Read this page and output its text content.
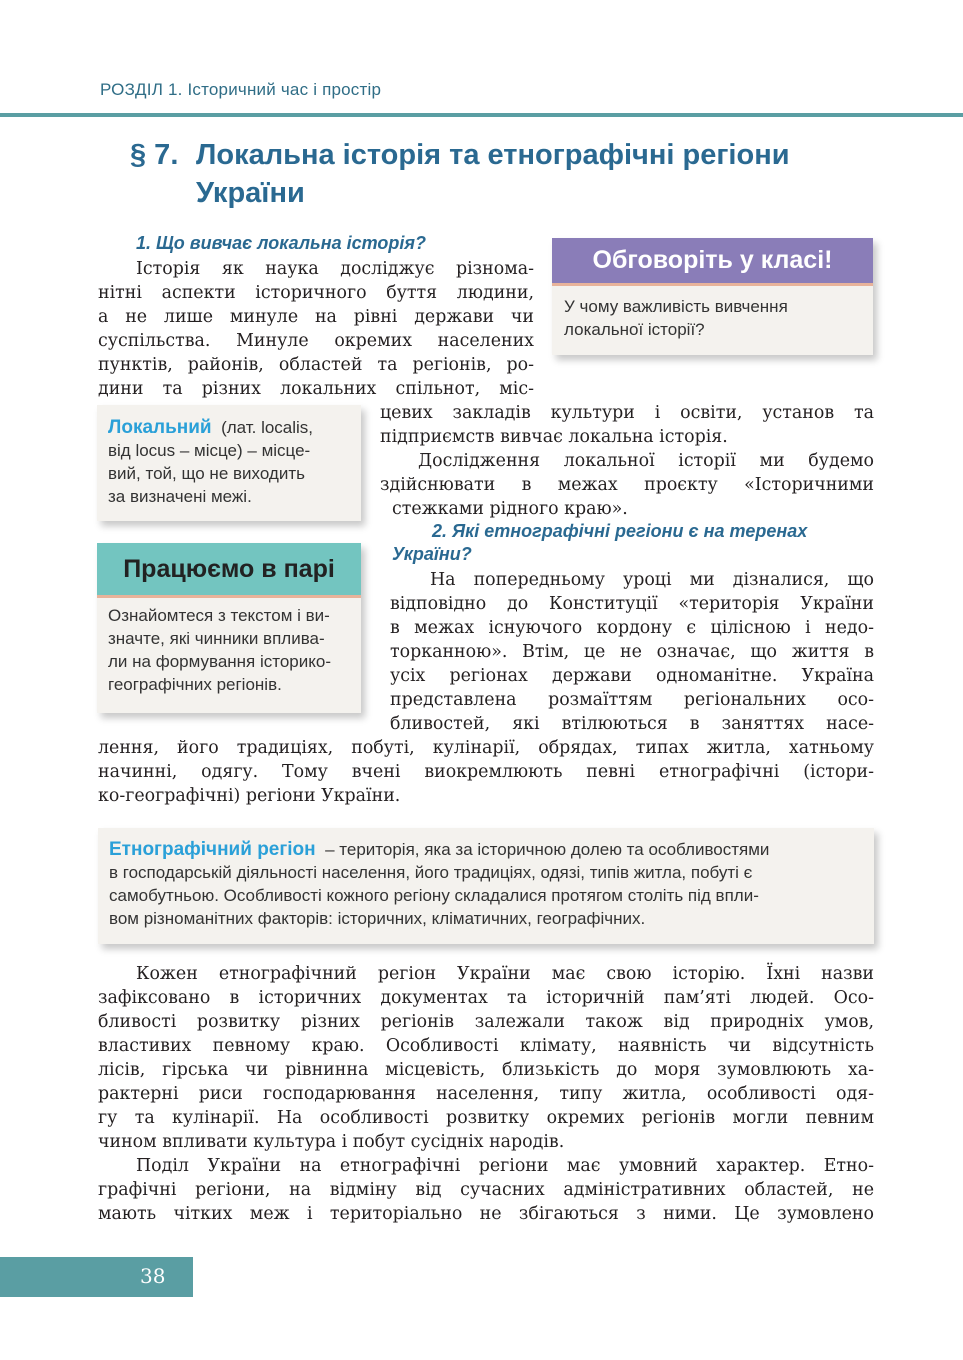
РОЗДІЛ 1. Історичний час і простір
§ 7. Локальна історія та етнографічні регіони
України
1. Що вивчає локальна історія?
Історія як наука досліджує різнома-
нітні аспекти історичного буття людини,
а не лише минуле на рівні держави чи
суспільства. Минуле окремих населених
пунктів, районів, областей та регіонів, ро-
дини та різних локальних спільнот, міс-
цевих закладів культури і освіти, установ та
підприємств вивчає локальна історія.
Дослідження локальної історії ми будемо
здійснювати в межах проєкту «Історичними
стежками рідного краю».
Обговоріть у класі!
У чому важливість вивчення
локальної історії?
Локальний (лат. localis,
від locus – місце) – місце-
вий, той, що не виходить
за визначені межі.
Працюємо в парі
Ознайомтеся з текстом і ви-
значте, які чинники вплива-
ли на формування історико-
географічних регіонів.
2. Які етнографічні регіони є на теренах
України?
На попередньому уроці ми дізналися, що
відповідно до Конституції «територія України
в межах існуючого кордону є цілісною і недо-
торканною». Втім, це не означає, що життя в
усіх регіонах держави одноманітне. Україна
представлена розмаїттям регіональних осо-
бливостей, які втілюються в заняттях насе-
лення, його традиціях, побуті, кулінарії, обрядах, типах житла, хатньому
начинні, одягу. Тому вчені виокремлюють певні етнографічні (істори-
ко-географічні) регіони України.
Етнографічний регіон – територія, яка за історичною долею та особливостями
в господарській діяльності населення, його традиціях, одязі, типів житла, побуті є
самобутньою. Особливості кожного регіону складалися протягом століть під впли-
вом різноманітних факторів: історичних, кліматичних, географічних.
Кожен етнографічний регіон України має свою історію. Їхні назви
зафіксовано в історичних документах та історичній пам’яті людей. Осо-
бливості розвитку різних регіонів залежали також від природніх умов,
властивих певному краю. Особливості клімату, наявність чи відсутність
лісів, гірська чи рівнинна місцевість, близькість до моря зумовлюють ха-
рактерні риси господарювання населення, типу житла, особливості одя-
гу та кулінарії. На особливості розвитку окремих регіонів могли певним
чином впливати культура і побут сусідніх народів.
Поділ України на етнографічні регіони має умовний характер. Етно-
графічні регіони, на відміну від сучасних адміністративних областей, не
мають чітких меж і територіально не збігаються з ними. Це зумовлено
38
